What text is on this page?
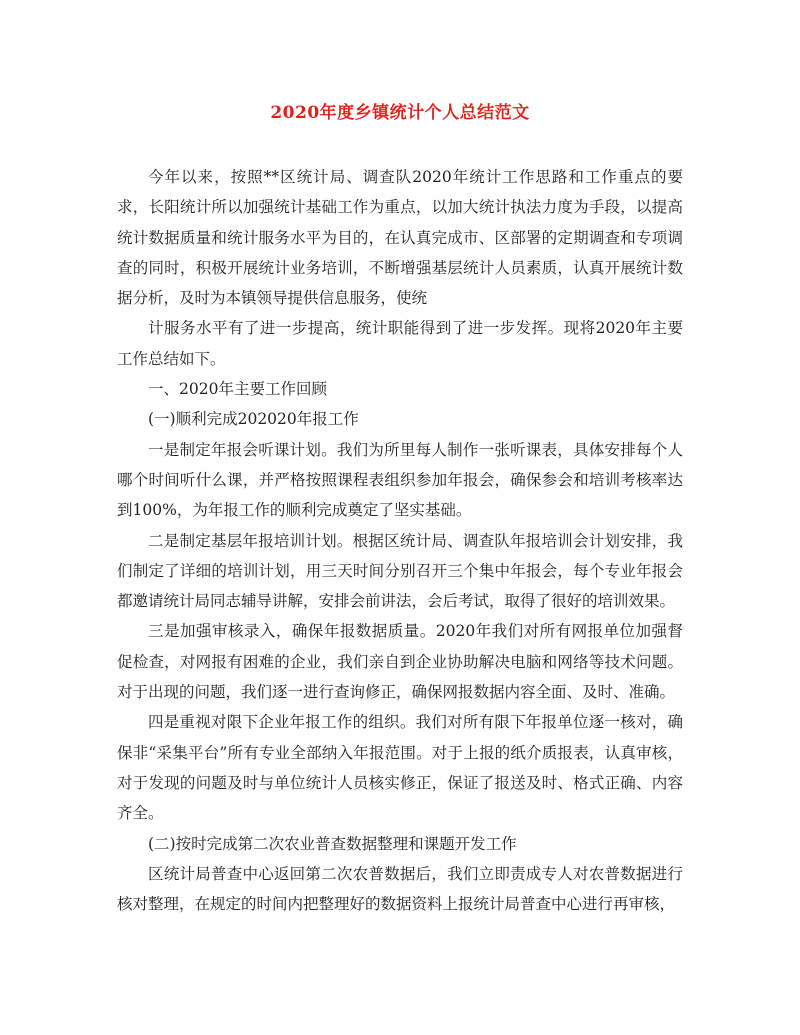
2020年度乡镇统计个人总结范文

今年以来，按照**区统计局、调查队2020年统计工作思路和工作重点的要求，长阳统计所以加强统计基础工作为重点，以加大统计执法力度为手段，以提高统计数据质量和统计服务水平为目的，在认真完成市、区部署的定期调查和专项调查的同时，积极开展统计业务培训，不断增强基层统计人员素质，认真开展统计数据分析，及时为本镇领导提供信息服务，使统

计服务水平有了进一步提高，统计职能得到了进一步发挥。现将2020年主要工作总结如下。

一、2020年主要工作回顾

(一)顺利完成202020年报工作

一是制定年报会听课计划。我们为所里每人制作一张听课表，具体安排每个人哪个时间听什么课，并严格按照课程表组织参加年报会，确保参会和培训考核率达到100%，为年报工作的顺利完成奠定了坚实基础。

二是制定基层年报培训计划。根据区统计局、调查队年报培训会计划安排，我们制定了详细的培训计划，用三天时间分别召开三个集中年报会，每个专业年报会都邀请统计局同志辅导讲解，安排会前讲法，会后考试，取得了很好的培训效果。

三是加强审核录入，确保年报数据质量。2020年我们对所有网报单位加强督促检查，对网报有困难的企业，我们亲自到企业协助解决电脑和网络等技术问题。对于出现的问题，我们逐一进行查询修正，确保网报数据内容全面、及时、准确。

四是重视对限下企业年报工作的组织。我们对所有限下年报单位逐一核对，确保非“采集平台”所有专业全部纳入年报范围。对于上报的纸介质报表，认真审核，对于发现的问题及时与单位统计人员核实修正，保证了报送及时、格式正确、内容齐全。

(二)按时完成第二次农业普查数据整理和课题开发工作

区统计局普查中心返回第二次农普数据后，我们立即责成专人对农普数据进行核对整理，在规定的时间内把整理好的数据资料上报统计局普查中心进行再审核，
